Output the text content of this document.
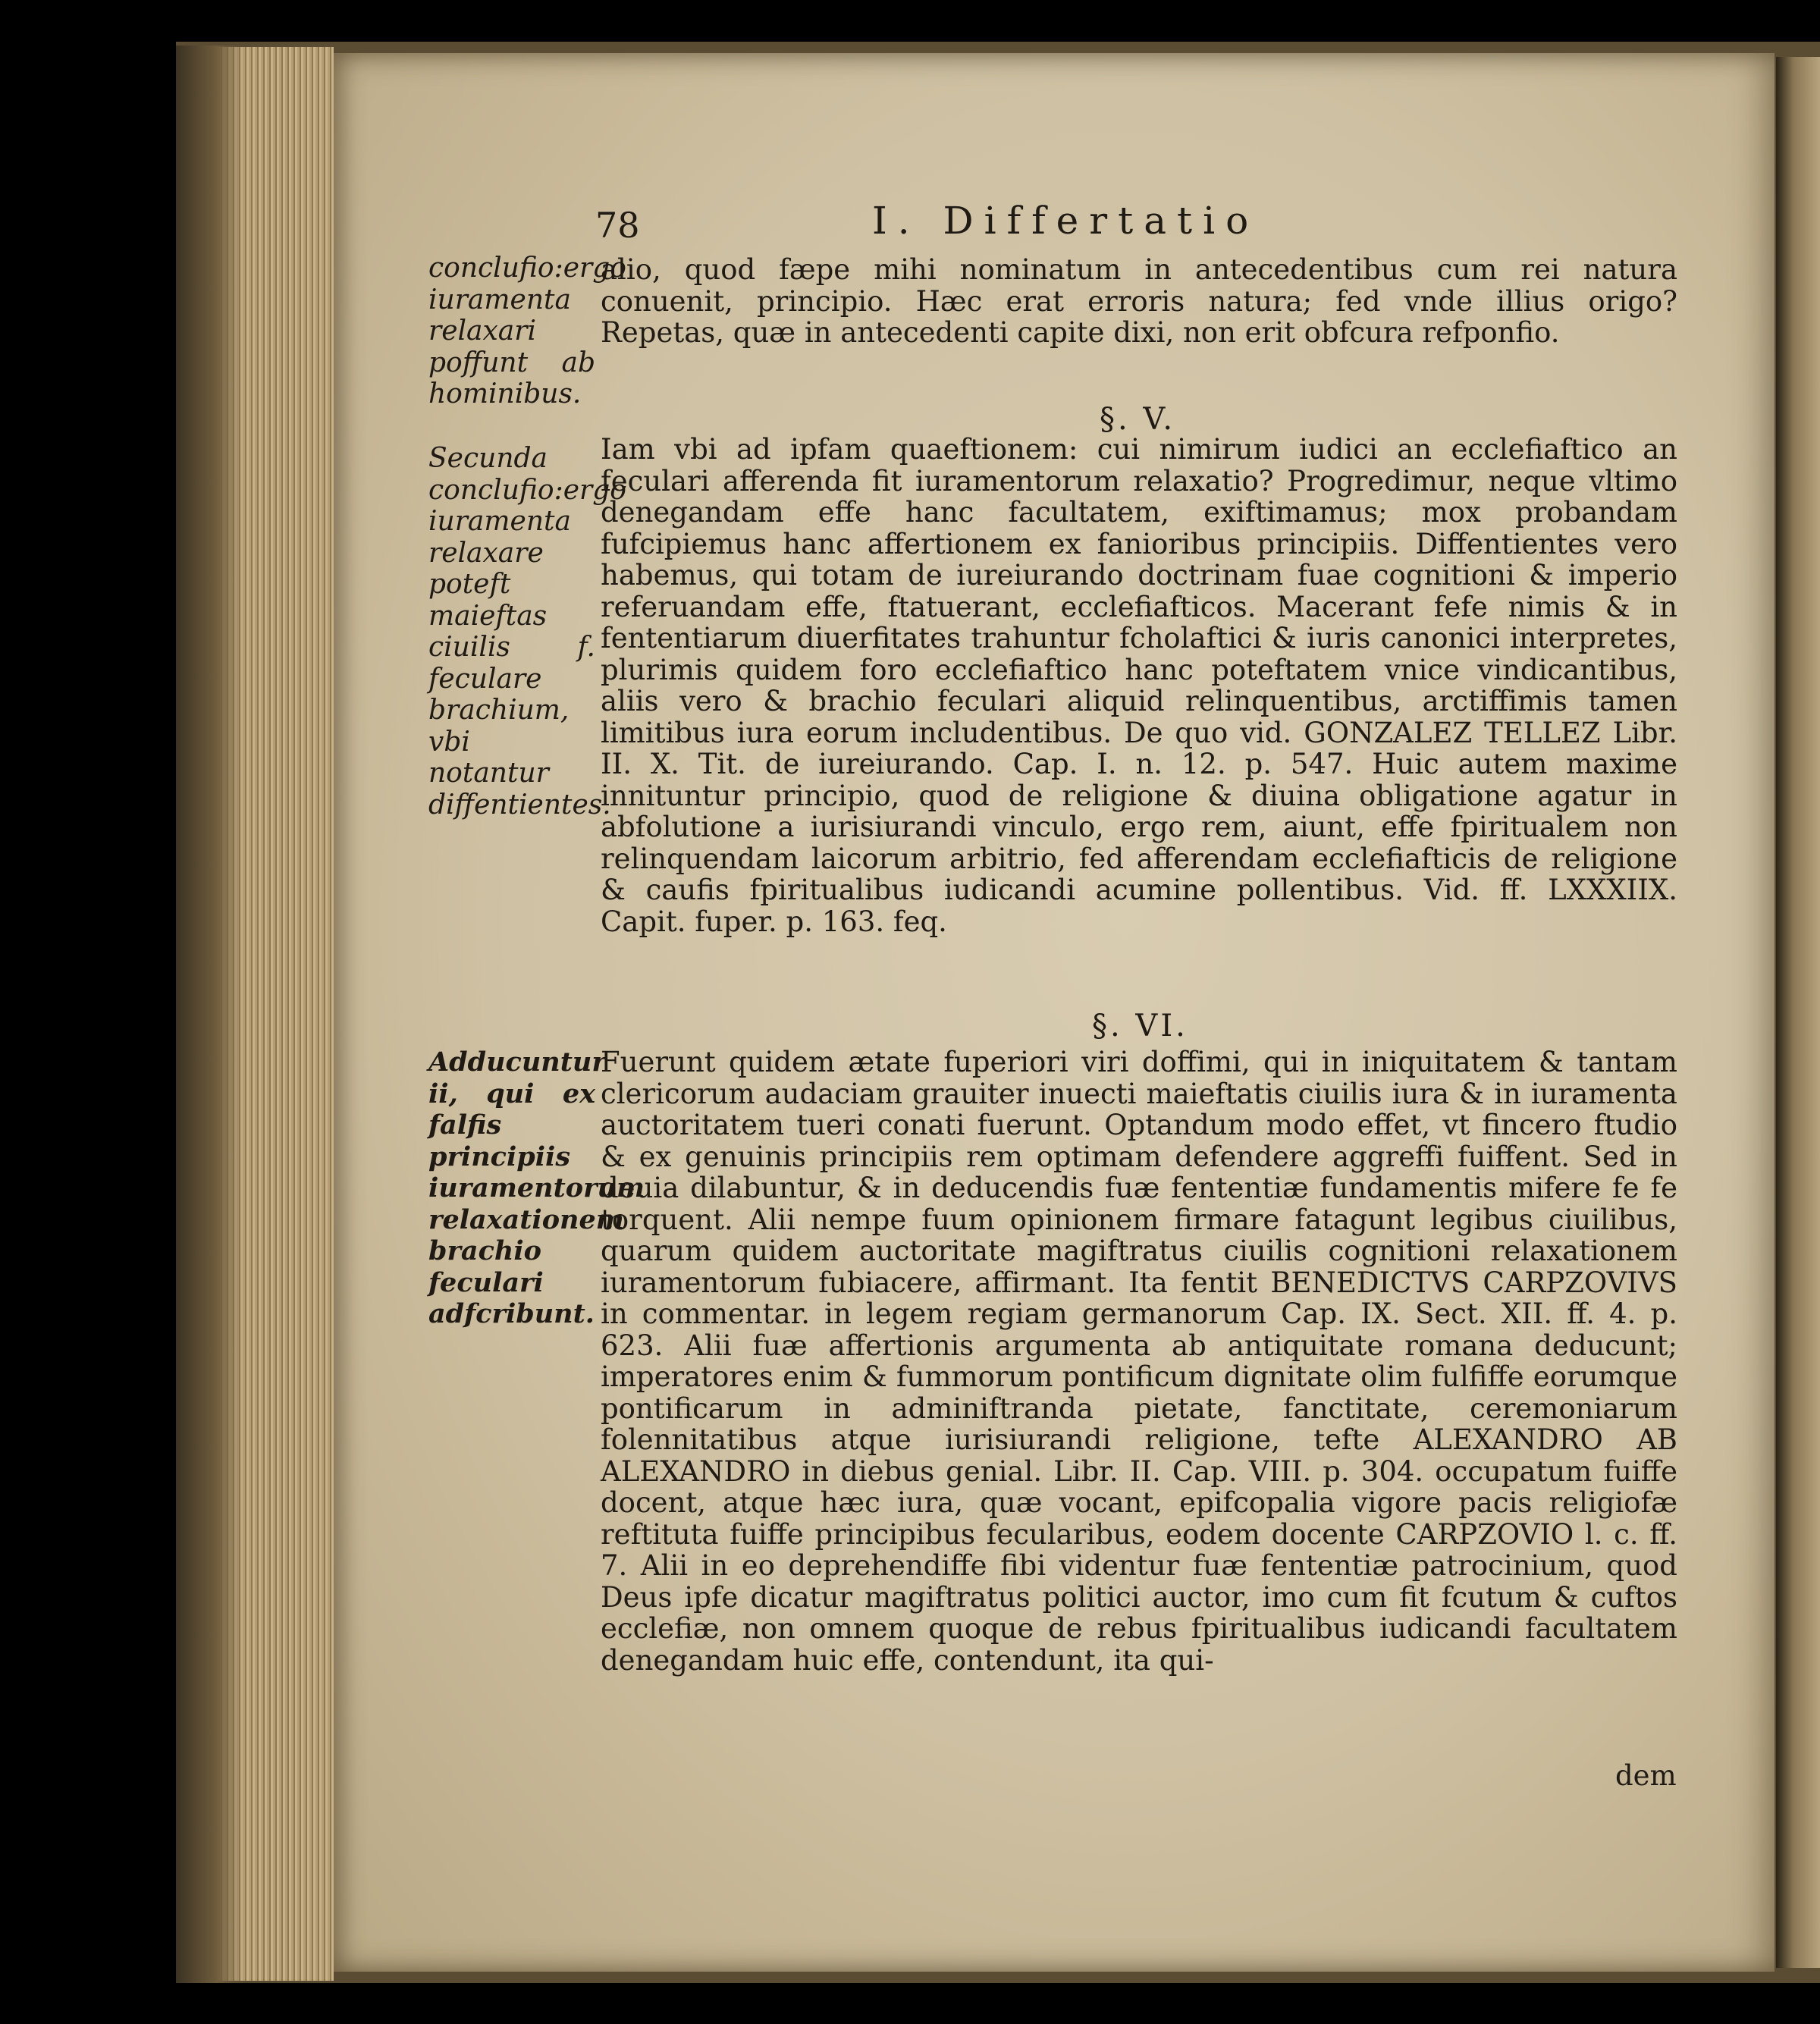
78	I. Differtatio
conclufio:ergo iuramenta relaxari poffunt ab hominibus.
Secunda conclufio:ergo iuramenta relaxare poteft maieftas ciuilis f. feculare brachium, vbi notantur diffentientes.
Adducuntur ii, qui ex falfis principiis iuramentorum relaxationem brachio feculari adfcribunt.
alio, quod fæpe mihi nominatum in antecedentibus cum rei natura conuenit, principio. Hæc erat erroris natura; fed vnde illius origo? Repetas, quæ in antecedenti capite dixi, non erit obfcura refponfio.
§. V.
Iam vbi ad ipfam quaeftionem: cui nimirum iudici an ecclefiaftico an feculari afferenda fit iuramentorum relaxatio? Progredimur, neque vltimo denegandam effe hanc facultatem, exiftimamus; mox probandam fufcipiemus hanc affertionem ex fanioribus principiis. Diffentientes vero habemus, qui totam de iureiurando doctrinam fuae cognitioni & imperio referuandam effe, ftatuerant, ecclefiafticos. Macerant fefe nimis & in fententiarum diuerfitates trahuntur fcholaftici & iuris canonici interpretes, plurimis quidem foro ecclefiaftico hanc poteftatem vnice vindicantibus, aliis vero & brachio feculari aliquid relinquentibus, arctiffimis tamen limitibus iura eorum includentibus. De quo vid. GONZALEZ TELLEZ Libr. II. X. Tit. de iureiurando. Cap. I. n. 12. p. 547. Huic autem maxime innituntur principio, quod de religione & diuina obligatione agatur in abfolutione a iurisiurandi vinculo, ergo rem, aiunt, effe fpiritualem non relinquendam laicorum arbitrio, fed afferendam ecclefiafticis de religione & caufis fpiritualibus iudicandi acumine pollentibus. Vid. ff. LXXXIIX. Capit. fuper. p. 163. feq.
§. VI.
Fuerunt quidem ætate fuperiori viri doffimi, qui in iniquitatem & tantam clericorum audaciam grauiter inuecti maieftatis ciuilis iura & in iuramenta auctoritatem tueri conati fuerunt. Optandum modo effet, vt fincero ftudio & ex genuinis principiis rem optimam defendere aggreffi fuiffent. Sed in deuia dilabuntur, & in deducendis fuæ fententiæ fundamentis mifere fe fe torquent. Alii nempe fuum opinionem firmare fatagunt legibus ciuilibus, quarum quidem auctoritate magiftratus ciuilis cognitioni relaxationem iuramentorum fubiacere, affirmant. Ita fentit BENEDICTVS CARPZOVIVS in commentar. in legem regiam germanorum Cap. IX. Sect. XII. ff. 4. p. 623. Alii fuæ affertionis argumenta ab antiquitate romana deducunt; imperatores enim & fummorum pontificum dignitate olim fulfiffe eorumque pontificarum in adminiftranda pietate, fanctitate, ceremoniarum folennitatibus atque iurisiurandi religione, tefte ALEXANDRO AB ALEXANDRO in diebus genial. Libr. II. Cap. VIII. p. 304. occupatum fuiffe docent, atque hæc iura, quæ vocant, epifcopalia vigore pacis religiofæ reftituta fuiffe principibus fecularibus, eodem docente CARPZOVIO l. c. ff. 7. Alii in eo deprehendiffe fibi videntur fuæ fententiæ patrocinium, quod Deus ipfe dicatur magiftratus politici auctor, imo cum fit fcutum & cuftos ecclefiæ, non omnem quoque de rebus fpiritualibus iudicandi facultatem denegandam huic effe, contendunt, ita qui-
dem
